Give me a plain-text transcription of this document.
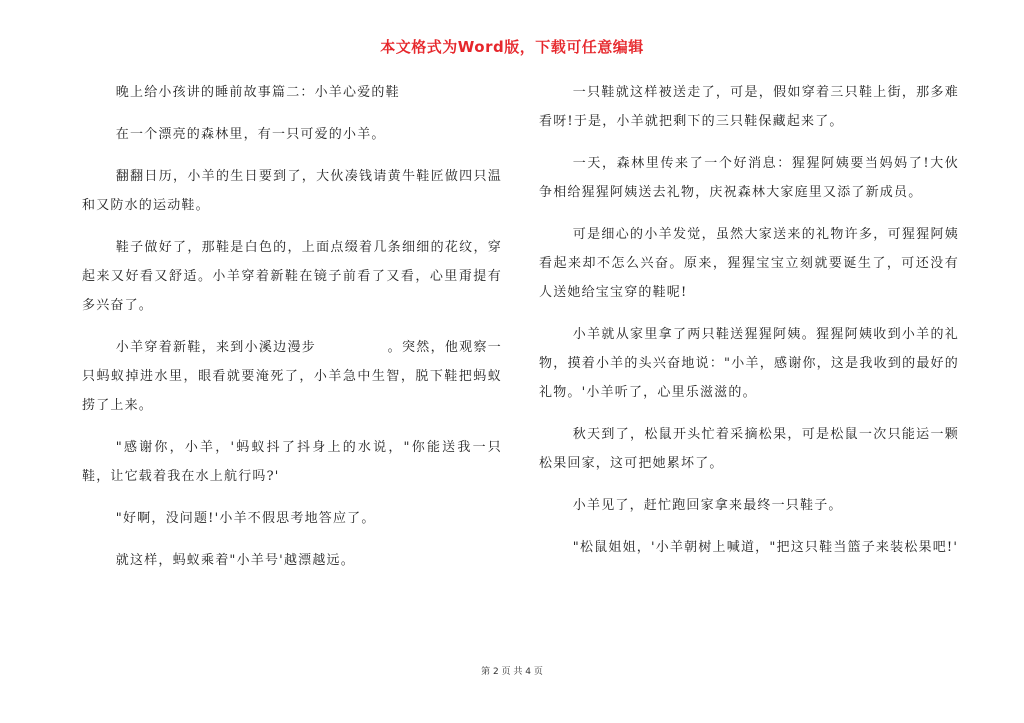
本文格式为Word版，下载可任意编辑

晚上给小孩讲的睡前故事篇二：小羊心爱的鞋

在一个漂亮的森林里，有一只可爱的小羊。

翻翻日历，小羊的生日要到了，大伙凑钱请黄牛鞋匠做四只温和又防水的运动鞋。

鞋子做好了，那鞋是白色的，上面点缀着几条细细的花纹，穿起来又好看又舒适。小羊穿着新鞋在镜子前看了又看，心里甭提有多兴奋了。

小羊穿着新鞋，来到小溪边漫步　　　　　。突然，他观察一只蚂蚁掉进水里，眼看就要淹死了，小羊急中生智，脱下鞋把蚂蚁捞了上来。

"感谢你，小羊，'蚂蚁抖了抖身上的水说，"你能送我一只鞋，让它载着我在水上航行吗?'

"好啊，没问题!'小羊不假思考地答应了。

就这样，蚂蚁乘着"小羊号'越漂越远。

一只鞋就这样被送走了，可是，假如穿着三只鞋上街，那多难看呀!于是，小羊就把剩下的三只鞋保藏起来了。

一天，森林里传来了一个好消息：猩猩阿姨要当妈妈了!大伙争相给猩猩阿姨送去礼物，庆祝森林大家庭里又添了新成员。

可是细心的小羊发觉，虽然大家送来的礼物许多，可猩猩阿姨看起来却不怎么兴奋。原来，猩猩宝宝立刻就要诞生了，可还没有人送她给宝宝穿的鞋呢!

小羊就从家里拿了两只鞋送猩猩阿姨。猩猩阿姨收到小羊的礼物，摸着小羊的头兴奋地说："小羊，感谢你，这是我收到的最好的礼物。'小羊听了，心里乐滋滋的。

秋天到了，松鼠开头忙着采摘松果，可是松鼠一次只能运一颗松果回家，这可把她累坏了。

小羊见了，赶忙跑回家拿来最终一只鞋子。

"松鼠姐姐，'小羊朝树上喊道，"把这只鞋当篮子来装松果吧!'

第 2 页 共 4 页
